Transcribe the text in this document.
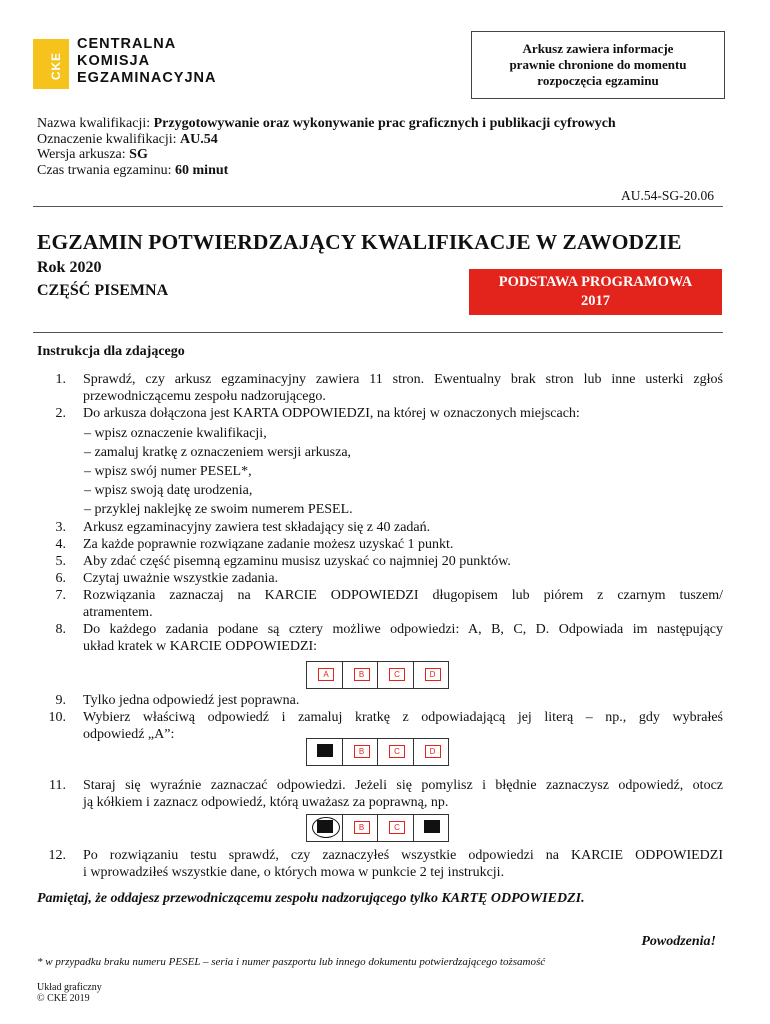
CKE
CENTRALNA
KOMISJA
EGZAMINACYJNA
Arkusz zawiera informacje
prawnie chronione do momentu
rozpoczęcia egzaminu
Nazwa kwalifikacji: Przygotowywanie oraz wykonywanie prac graficznych i publikacji cyfrowych
Oznaczenie kwalifikacji: AU.54
Wersja arkusza: SG
Czas trwania egzaminu: 60 minut
AU.54-SG-20.06
EGZAMIN POTWIERDZAJĄCY KWALIFIKACJE W ZAWODZIE
Rok 2020
CZĘŚĆ PISEMNA	PODSTAWA PROGRAMOWA
2017
Instrukcja dla zdającego
1. Sprawdź, czy arkusz egzaminacyjny zawiera 11 stron. Ewentualny brak stron lub inne usterki zgłoś
przewodniczącemu zespołu nadzorującego.
2. Do arkusza dołączona jest KARTA ODPOWIEDZI, na której w oznaczonych miejscach:
– wpisz oznaczenie kwalifikacji,
– zamaluj kratkę z oznaczeniem wersji arkusza,
– wpisz swój numer PESEL*,
– wpisz swoją datę urodzenia,
– przyklej naklejkę ze swoim numerem PESEL.
3. Arkusz egzaminacyjny zawiera test składający się z 40 zadań.
4. Za każde poprawnie rozwiązane zadanie możesz uzyskać 1 punkt.
5. Aby zdać część pisemną egzaminu musisz uzyskać co najmniej 20 punktów.
6. Czytaj uważnie wszystkie zadania.
7. Rozwiązania zaznaczaj na KARCIE ODPOWIEDZI długopisem lub piórem z czarnym tuszem/
atramentem.
8. Do każdego zadania podane są cztery możliwe odpowiedzi: A, B, C, D. Odpowiada im następujący
układ kratek w KARCIE ODPOWIEDZI:
A	B	C	D
9. Tylko jedna odpowiedź jest poprawna.
10. Wybierz właściwą odpowiedź i zamaluj kratkę z odpowiadającą jej literą – np., gdy wybrałeś
odpowiedź „A”:
B	C	D
11. Staraj się wyraźnie zaznaczać odpowiedzi. Jeżeli się pomylisz i błędnie zaznaczysz odpowiedź, otocz
ją kółkiem i zaznacz odpowiedź, którą uważasz za poprawną, np.
B	C
12. Po rozwiązaniu testu sprawdź, czy zaznaczyłeś wszystkie odpowiedzi na KARCIE ODPOWIEDZI
i wprowadziłeś wszystkie dane, o których mowa w punkcie 2 tej instrukcji.
Pamiętaj, że oddajesz przewodniczącemu zespołu nadzorującego tylko KARTĘ ODPOWIEDZI.
Powodzenia!
* w przypadku braku numeru PESEL – seria i numer paszportu lub innego dokumentu potwierdzającego tożsamość
Układ graficzny
© CKE 2019
